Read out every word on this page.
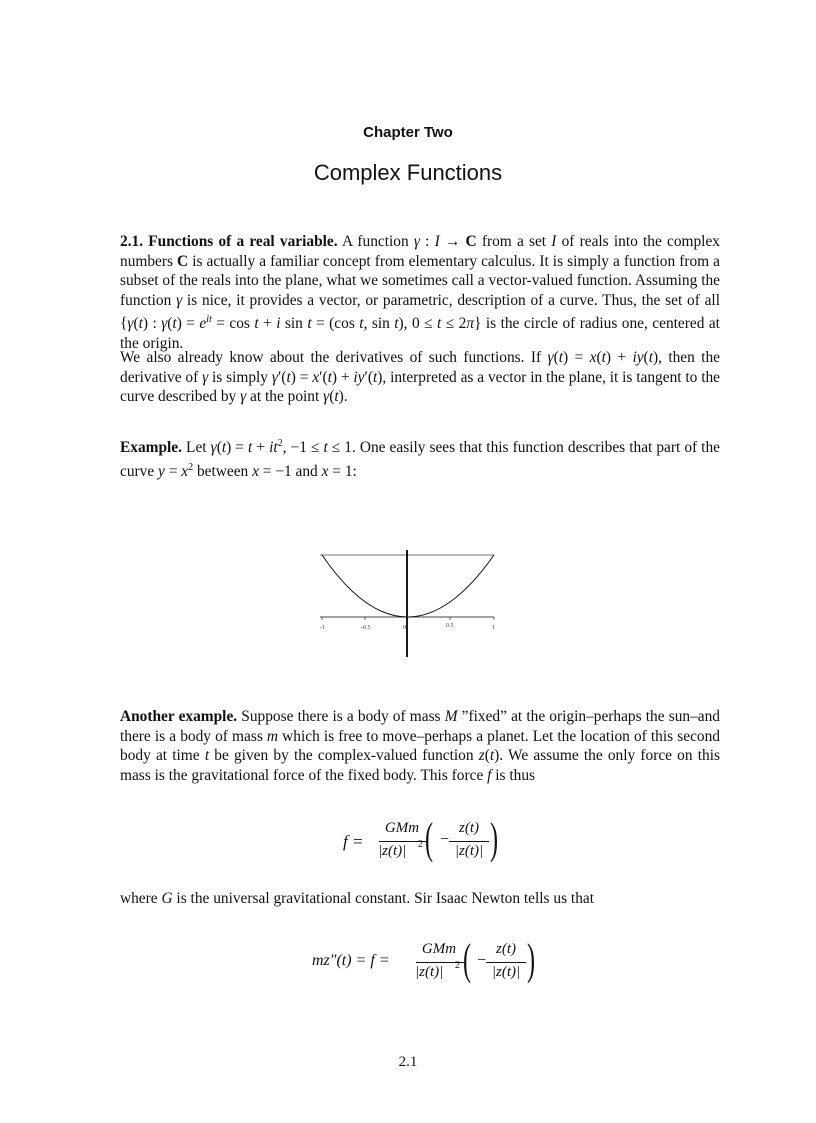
Chapter Two
Complex Functions

2.1. Functions of a real variable. A function γ : I → C from a set I of reals into the complex numbers C is actually a familiar concept from elementary calculus. It is simply a function from a subset of the reals into the plane, what we sometimes call a vector-valued function. Assuming the function γ is nice, it provides a vector, or parametric, description of a curve. Thus, the set of all {γ(t) : $\gamma(t) = e^{it} = \cos t + i$ sin t = (cos t, sin t), 0 ≤ t ≤ 2π} is the circle of radius one, centered at the origin.

We also already know about the derivatives of such functions. If γ(t) = x(t) + iy(t), then the derivative of γ is simply γ′(t) = x′(t) + iy′(t), interpreted as a vector in the plane, it is tangent to the curve described by γ at the point γ(t).

Example. Let $\gamma(t) = t + it^2$, −1 ≤ t ≤ 1. One easily sees that this function describes that part of the curve $y = x^2$ between x = −1 and x = 1:

-1	-0.5	0	0.5	1

Another example. Suppose there is a body of mass M ”fixed” at the origin–perhaps the sun–and there is a body of mass m which is free to move–perhaps a planet. Let the location of this second body at time t be given by the complex-valued function z(t). We assume the only force on this mass is the gravitational force of the fixed body. This force f is thus

f =
GMm
|z(t)| 2 ( −
z(t)
|z(t)| )

where G is the universal gravitational constant. Sir Isaac Newton tells us that

mz″(t) = f =
GMm
|z(t)| 2 ( −
z(t)
|z(t)| )
2.1
